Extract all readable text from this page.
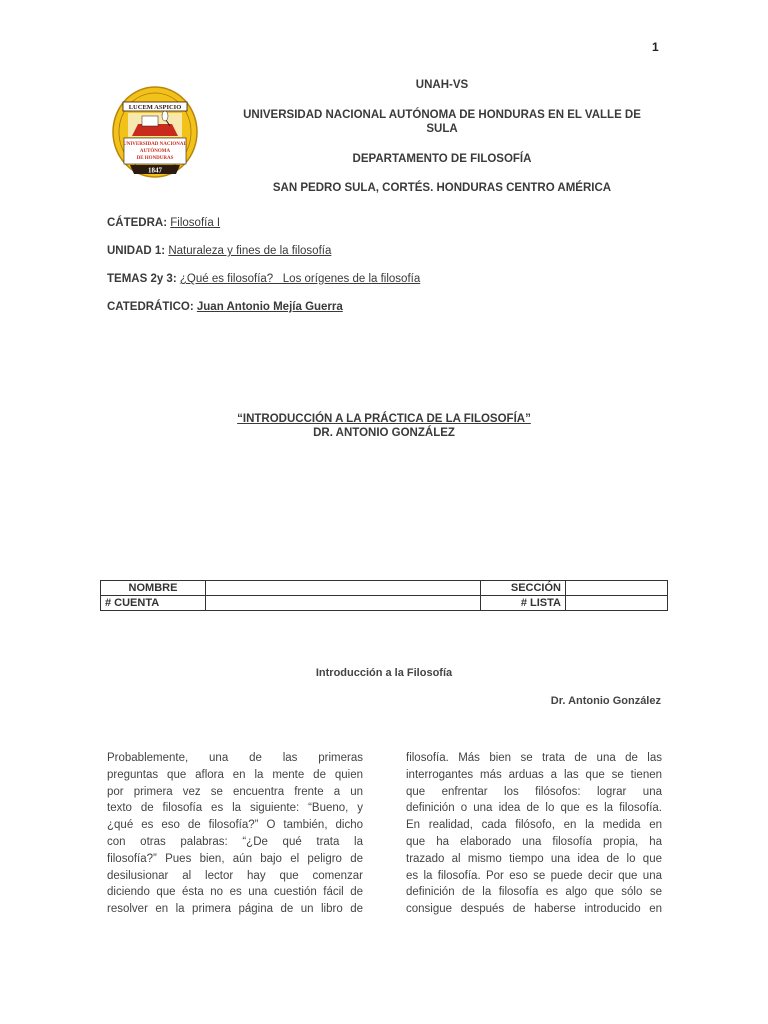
1
LUCEM ASPICIO
UNIVERSIDAD NACIONAL
AUTÓNOMA
DE HONDURAS
1847
UNAH-VS
UNIVERSIDAD NACIONAL AUTÓNOMA DE HONDURAS EN EL VALLE DE
SULA
DEPARTAMENTO DE FILOSOFÍA
SAN PEDRO SULA, CORTÉS. HONDURAS CENTRO AMÉRICA
CÁTEDRA: Filosofía I
UNIDAD 1: Naturaleza y fines de la filosofía
TEMAS 2y 3: ¿Qué es filosofía?   Los orígenes de la filosofía
CATEDRÁTICO: Juan Antonio Mejía Guerra
“INTRODUCCIÓN A LA PRÁCTICA DE LA FILOSOFÍA”
DR. ANTONIO GONZÁLEZ
NOMBRE		SECCIÓN	
# CUENTA		# LISTA	
Introducción a la Filosofía
Dr. Antonio González
Probablemente, una de las primeras
preguntas que aflora en la mente de quien
por primera vez se encuentra frente a un
texto de filosofía es la siguiente: “Bueno, y
¿qué es eso de filosofía?” O también, dicho
con otras palabras: “¿De qué trata la
filosofía?” Pues bien, aún bajo el peligro de
desilusionar al lector hay que comenzar
diciendo que ésta no es una cuestión fácil de
resolver en la primera página de un libro de
filosofía. Más bien se trata de una de las
interrogantes más arduas a las que se tienen
que enfrentar los filósofos: lograr una
definición o una idea de lo que es la filosofía.
En realidad, cada filósofo, en la medida en
que ha elaborado una filosofía propia, ha
trazado al mismo tiempo una idea de lo que
es la filosofía. Por eso se puede decir que una
definición de la filosofía es algo que sólo se
consigue después de haberse introducido en
